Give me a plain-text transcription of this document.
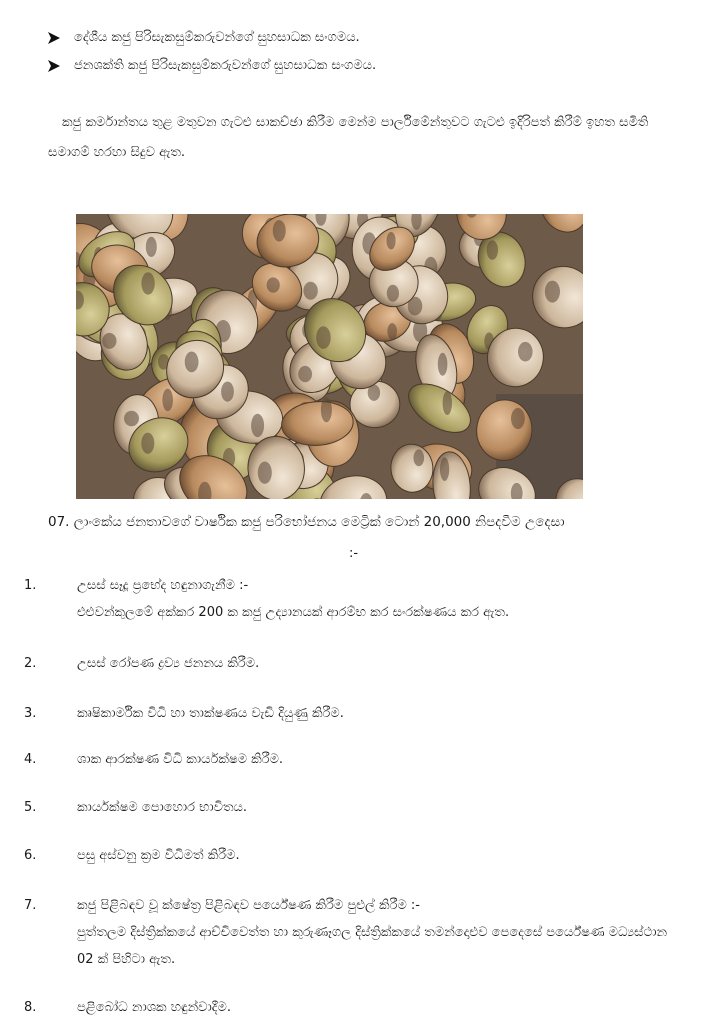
දේශීය කජු පිරිසැකසුම්කරුවන්ගේ සුහසාධක සංගමය.
ජනශක්ති කජු පිරිසැකසුම්කරුවන්ගේ සුහසාධක සංගමය.
කජු කර්මාන්තය තුළ මතුවන ගැටළු සාකච්ඡා කිරීම මෙන්ම පාර්ලිමේන්තුවට ගැටළු ඉදිරිපත් කිරීම් ඉහත සමිති සමාගම් හරහා සිදුව ඇත.
07. ලාංකේය ජනතාවගේ වාර්ෂික කජු පරිභෝජනය මෙට්‍රික් ටොන් 20,000 නිපදවීම උදෙසා
:-
1.	උසස් සෑදූ ප්‍රභේද හඳුනාගැනීම :-
එළුවන්කුලමේ අක්කර 200 ක කජු උද්‍යානයක් ආරම්භ කර සංරක්ෂණය කර ඇත.
2.	උසස් රෝපණ ද්‍රව්‍ය ජනනය කිරීම.
3.	කෘෂිකාර්මික විධි හා තාක්ෂණය වැඩි දියුණු කිරීම.
4.	ශාක ආරක්ෂණ විධි කාර්යක්ෂම කිරීම.
5.	කාර්යක්ෂම පොහොර භාවිතය.
6.	පසු අස්වනු ක්‍රම විධිමත් කිරීම.
7.	කජු පිළිබඳව වූ ක්ෂේත්‍ර පිළිබඳව පර්යේෂණ කිරීම පුළුල් කිරීම :-
පුත්තලම දිස්ත්‍රික්කයේ ආච්චිවෙත්ත හා කුරුණෑගල දිස්ත්‍රික්කයේ තමන්දොළුව පෙදෙසේ පර්යේෂණ මධ්‍යස්ථාන 02 ක් පිහිටා ඇත.
8.	පළිබෝධ නාශක හඳුන්වාදීම.
